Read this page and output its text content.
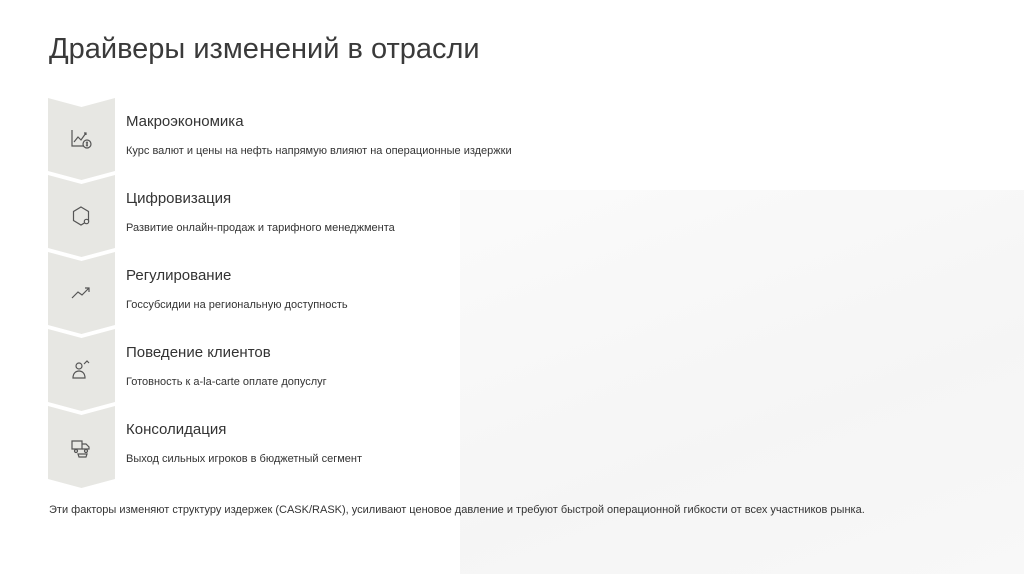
Драйверы изменений в отрасли
Макроэкономика
Курс валют и цены на нефть напрямую влияют на операционные издержки
Цифровизация
Развитие онлайн-продаж и тарифного менеджмента
Регулирование
Госсубсидии на региональную доступность
Поведение клиентов
Готовность к a-la-carte оплате допуслуг
Консолидация
Выход сильных игроков в бюджетный сегмент
Эти факторы изменяют структуру издержек (CASK/RASK), усиливают ценовое давление и требуют быстрой операционной гибкости от всех участников рынка.
